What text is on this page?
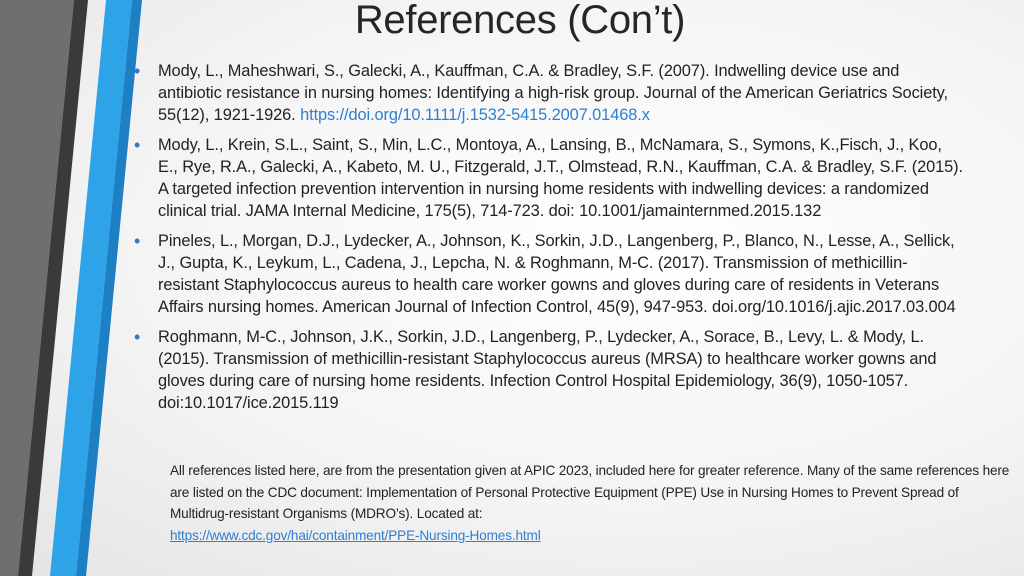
References (Con’t)
• Mody, L., Maheshwari, S., Galecki, A., Kauffman, C.A. & Bradley, S.F. (2007). Indwelling device use and antibiotic resistance in nursing homes: Identifying a high-risk group. Journal of the American Geriatrics Society, 55(12), 1921-1926. https://doi.org/10.1111/j.1532-5415.2007.01468.x
• Mody, L., Krein, S.L., Saint, S., Min, L.C., Montoya, A., Lansing, B., McNamara, S., Symons, K.,Fisch, J., Koo, E., Rye, R.A., Galecki, A., Kabeto, M. U., Fitzgerald, J.T., Olmstead, R.N., Kauffman, C.A. & Bradley, S.F. (2015). A targeted infection prevention intervention in nursing home residents with indwelling devices: a randomized clinical trial. JAMA Internal Medicine, 175(5), 714-723. doi: 10.1001/jamainternmed.2015.132
• Pineles, L., Morgan, D.J., Lydecker, A., Johnson, K., Sorkin, J.D., Langenberg, P., Blanco, N., Lesse, A., Sellick, J., Gupta, K., Leykum, L., Cadena, J., Lepcha, N. & Roghmann, M-C. (2017). Transmission of methicillin-resistant Staphylococcus aureus to health care worker gowns and gloves during care of residents in Veterans Affairs nursing homes. American Journal of Infection Control, 45(9), 947-953. doi.org/10.1016/j.ajic.2017.03.004
• Roghmann, M-C., Johnson, J.K., Sorkin, J.D., Langenberg, P., Lydecker, A., Sorace, B., Levy, L. & Mody, L. (2015). Transmission of methicillin-resistant Staphylococcus aureus (MRSA) to healthcare worker gowns and gloves during care of nursing home residents. Infection Control Hospital Epidemiology, 36(9), 1050-1057. doi:10.1017/ice.2015.119
All references listed here, are from the presentation given at APIC 2023, included here for greater reference. Many of the same references here are listed on the CDC document: Implementation of Personal Protective Equipment (PPE) Use in Nursing Homes to Prevent Spread of Multidrug-resistant Organisms (MDRO’s). Located at:
https://www.cdc.gov/hai/containment/PPE-Nursing-Homes.html
